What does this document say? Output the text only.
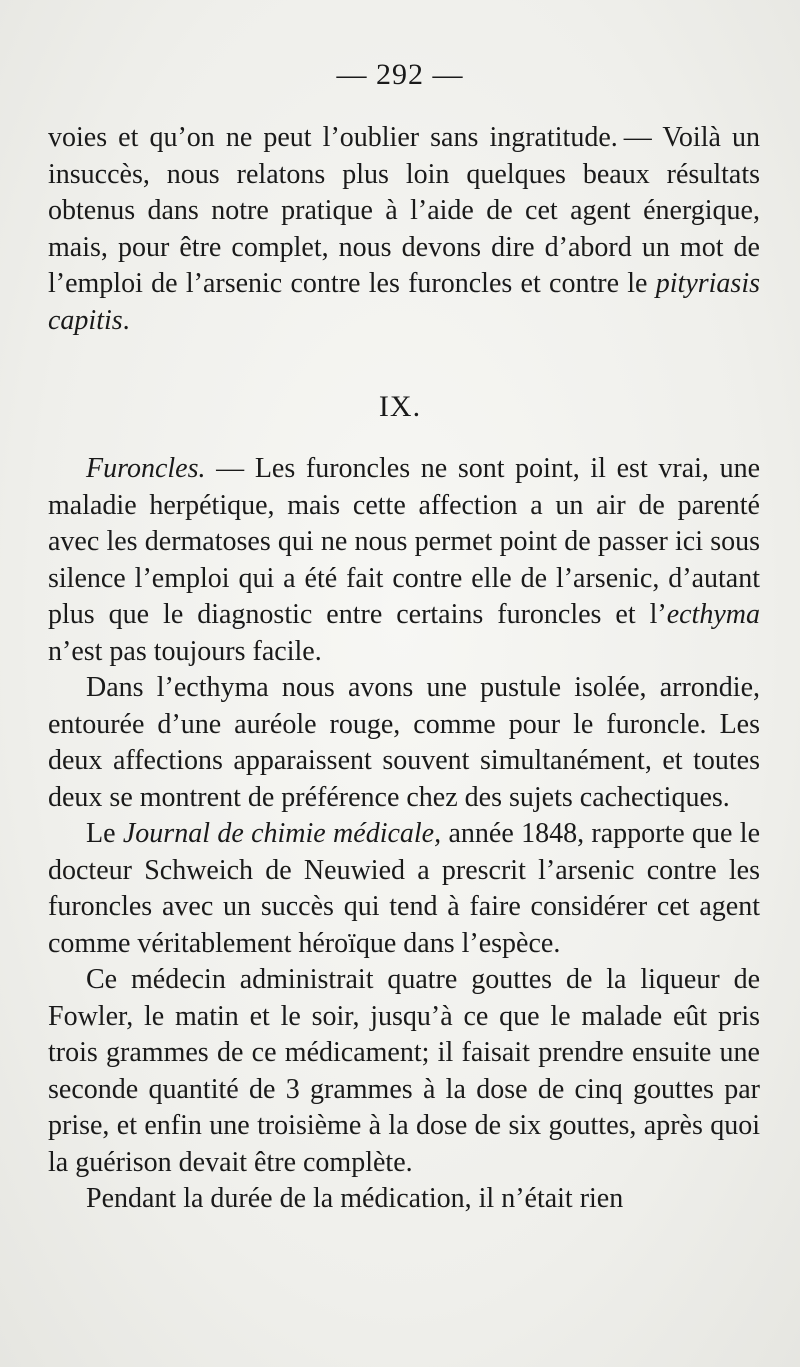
— 292 —

voies et qu’on ne peut l’oublier sans ingratitude. — Voilà un insuccès, nous relatons plus loin quelques beaux résultats obtenus dans notre pratique à l’aide de cet agent énergique, mais, pour être complet, nous devons dire d’abord un mot de l’emploi de l’arsenic contre les furoncles et contre le pityriasis capitis.

IX.

Furoncles. — Les furoncles ne sont point, il est vrai, une maladie herpétique, mais cette affection a un air de parenté avec les dermatoses qui ne nous permet point de passer ici sous silence l’emploi qui a été fait contre elle de l’arsenic, d’autant plus que le diagnostic entre certains furoncles et l’ecthyma n’est pas toujours facile.

Dans l’ecthyma nous avons une pustule isolée, arrondie, entourée d’une auréole rouge, comme pour le furoncle. Les deux affections apparaissent souvent simultanément, et toutes deux se montrent de préférence chez des sujets cachectiques.

Le Journal de chimie médicale, année 1848, rapporte que le docteur Schweich de Neuwied a prescrit l’arsenic contre les furoncles avec un succès qui tend à faire considérer cet agent comme véritablement héroïque dans l’espèce.

Ce médecin administrait quatre gouttes de la liqueur de Fowler, le matin et le soir, jusqu’à ce que le malade eût pris trois grammes de ce médicament; il faisait prendre ensuite une seconde quantité de 3 grammes à la dose de cinq gouttes par prise, et enfin une troisième à la dose de six gouttes, après quoi la guérison devait être complète.

Pendant la durée de la médication, il n’était rien
